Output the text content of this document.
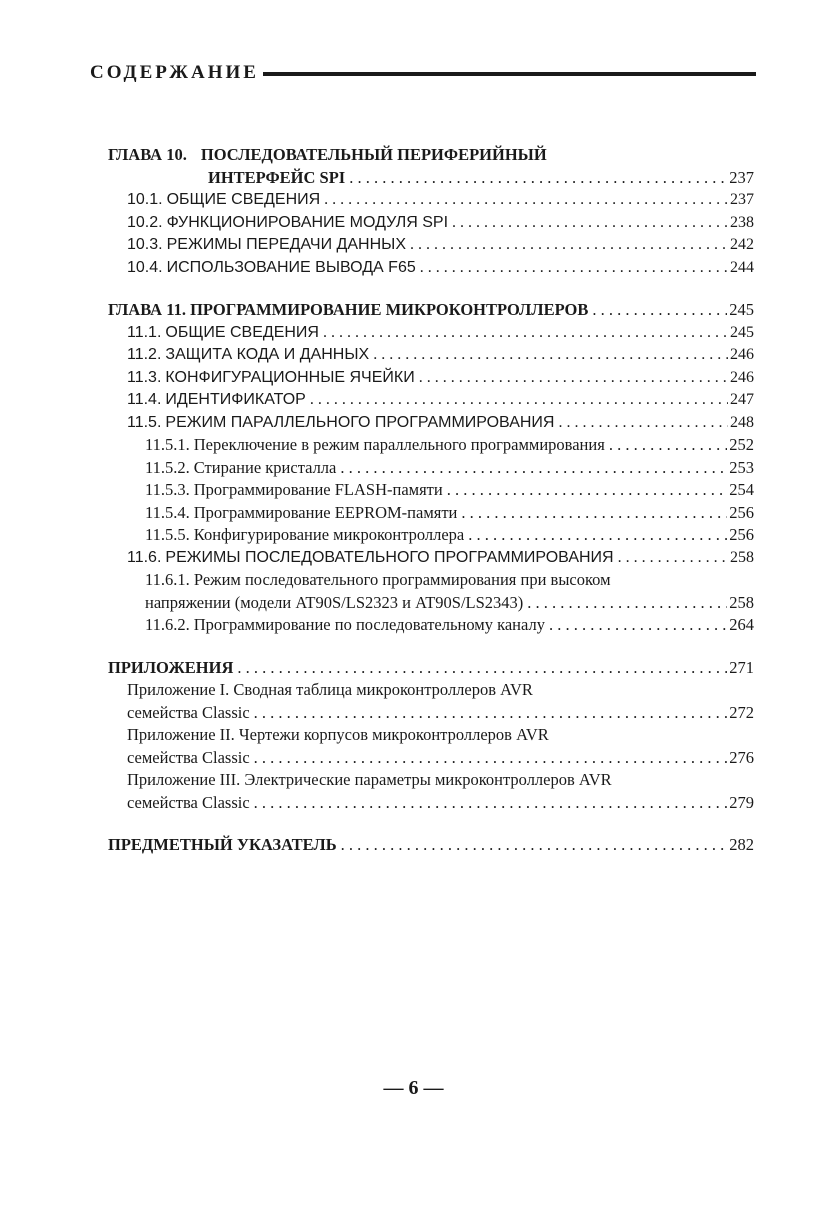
СОДЕРЖАНИЕ
ГЛАВА 10. ПОСЛЕДОВАТЕЛЬНЫЙ ПЕРИФЕРИЙНЫЙ
ИНТЕРФЕЙС SPI . . .	237
10.1. ОБЩИЕ СВЕДЕНИЯ . . .	237
10.2. ФУНКЦИОНИРОВАНИЕ МОДУЛЯ SPI . . .	238
10.3. РЕЖИМЫ ПЕРЕДАЧИ ДАННЫХ . . .	242
10.4. ИСПОЛЬЗОВАНИЕ ВЫВОДА F65 . . .	244
ГЛАВА 11. ПРОГРАММИРОВАНИЕ МИКРОКОНТРОЛЛЕРОВ . . .	245
11.1. ОБЩИЕ СВЕДЕНИЯ . . .	245
11.2. ЗАЩИТА КОДА И ДАННЫХ . . .	246
11.3. КОНФИГУРАЦИОННЫЕ ЯЧЕЙКИ . . .	246
11.4. ИДЕНТИФИКАТОР . . .	247
11.5. РЕЖИМ ПАРАЛЛЕЛЬНОГО ПРОГРАММИРОВАНИЯ . . .	248
11.5.1. Переключение в режим параллельного программирования . . .	252
11.5.2. Стирание кристалла . . .	253
11.5.3. Программирование FLASH-памяти . . .	254
11.5.4. Программирование EEPROM-памяти . . .	256
11.5.5. Конфигурирование микроконтроллера . . .	256
11.6. РЕЖИМЫ ПОСЛЕДОВАТЕЛЬНОГО ПРОГРАММИРОВАНИЯ . . .	258
11.6.1. Режим последовательного программирования при высоком
напряжении (модели AT90S/LS2323 и AT90S/LS2343) . . .	258
11.6.2. Программирование по последовательному каналу . . .	264
ПРИЛОЖЕНИЯ . . .	271
Приложение I. Сводная таблица микроконтроллеров AVR
семейства Classic . . .	272
Приложение II. Чертежи корпусов микроконтроллеров AVR
семейства Classic . . .	276
Приложение III. Электрические параметры микроконтроллеров AVR
семейства Classic . . .	279
ПРЕДМЕТНЫЙ УКАЗАТЕЛЬ . . .	282
— 6 —
